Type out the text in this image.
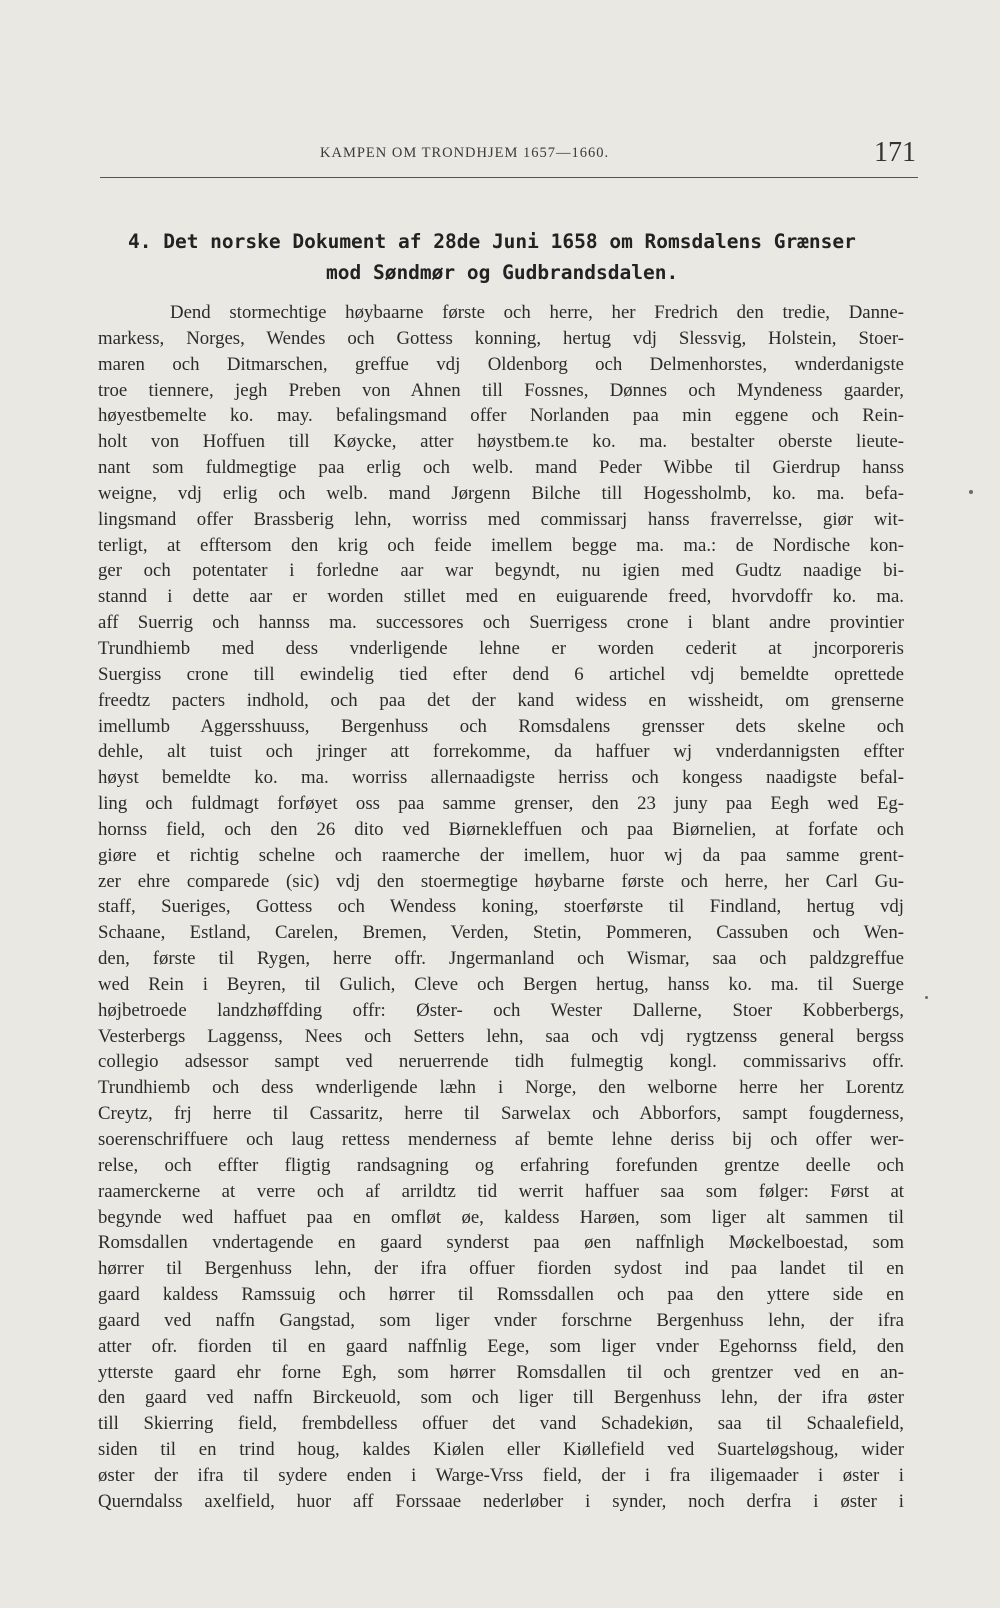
KAMPEN OM TRONDHJEM 1657—1660.	171
4. Det norske Dokument af 28de Juni 1658 om Romsdalens Grænser
mod Søndmør og Gudbrandsdalen.
Dend stormechtige høybaarne første och herre, her Fredrich den tredie, Danne-
markess, Norges, Wendes och Gottess konning, hertug vdj Slessvig, Holstein, Stoer-
maren och Ditmarschen, greffue vdj Oldenborg och Delmenhorstes, wnderdanigste
troe tiennere, jegh Preben von Ahnen till Fossnes, Dønnes och Myndeness gaarder,
høyestbemelte ko. may. befalingsmand offer Norlanden paa min eggene och Rein-
holt von Hoffuen till Køycke, atter høystbem.te ko. ma. bestalter oberste lieute-
nant som fuldmegtige paa erlig och welb. mand Peder Wibbe til Gierdrup hanss
weigne, vdj erlig och welb. mand Jørgenn Bilche till Hogessholmb, ko. ma. befa-
lingsmand offer Brassberig lehn, worriss med commissarj hanss fraverrelsse, giør wit-
terligt, at efftersom den krig och feide imellem begge ma. ma.: de Nordische kon-
ger och potentater i forledne aar war begyndt, nu igien med Gudtz naadige bi-
stannd i dette aar er worden stillet med en euiguarende freed, hvorvdoffr ko. ma.
aff Suerrig och hannss ma. successores och Suerrigess crone i blant andre provintier
Trundhiemb med dess vnderligende lehne er worden cederit at jncorporeris
Suergiss crone till ewindelig tied efter dend 6 artichel vdj bemeldte oprettede
freedtz pacters indhold, och paa det der kand widess en wissheidt, om grenserne
imellumb Aggersshuuss, Bergenhuss och Romsdalens grensser dets skelne och
dehle, alt tuist och jringer att forrekomme, da haffuer wj vnderdannigsten effter
høyst bemeldte ko. ma. worriss allernaadigste herriss och kongess naadigste befal-
ling och fuldmagt forføyet oss paa samme grenser, den 23 juny paa Eegh wed Eg-
hornss field, och den 26 dito ved Biørnekleffuen och paa Biørnelien, at forfate och
giøre et richtig schelne och raamerche der imellem, huor wj da paa samme grent-
zer ehre comparede (sic) vdj den stoermegtige høybarne første och herre, her Carl Gu-
staff, Sueriges, Gottess och Wendess koning, stoerførste til Findland, hertug vdj
Schaane, Estland, Carelen, Bremen, Verden, Stetin, Pommeren, Cassuben och Wen-
den, første til Rygen, herre offr. Jngermanland och Wismar, saa och paldzgreffue
wed Rein i Beyren, til Gulich, Cleve och Bergen hertug, hanss ko. ma. til Suerge
højbetroede landzhøffding offr: Øster- och Wester Dallerne, Stoer Kobberbergs,
Vesterbergs Laggenss, Nees och Setters lehn, saa och vdj rygtzenss general bergss
collegio adsessor sampt ved neruerrende tidh fulmegtig kongl. commissarivs offr.
Trundhiemb och dess wnderligende læhn i Norge, den welborne herre her Lorentz
Creytz, frj herre til Cassaritz, herre til Sarwelax och Abborfors, sampt fougderness,
soerenschriffuere och laug rettess menderness af bemte lehne deriss bij och offer wer-
relse, och effter fligtig randsagning og erfahring forefunden grentze deelle och
raamerckerne at verre och af arrildtz tid werrit haffuer saa som følger: Først at
begynde wed haffuet paa en omfløt øe, kaldess Harøen, som liger alt sammen til
Romsdallen vndertagende en gaard synderst paa øen naffnligh Møckelboestad, som
hørrer til Bergenhuss lehn, der ifra offuer fiorden sydost ind paa landet til en
gaard kaldess Ramssuig och hørrer til Romssdallen och paa den yttere side en
gaard ved naffn Gangstad, som liger vnder forschrne Bergenhuss lehn, der ifra
atter ofr. fiorden til en gaard naffnlig Eege, som liger vnder Egehornss field, den
ytterste gaard ehr forne Egh, som hørrer Romsdallen til och grentzer ved en an-
den gaard ved naffn Birckeuold, som och liger till Bergenhuss lehn, der ifra øster
till Skierring field, frembdelless offuer det vand Schadekiøn, saa til Schaalefield,
siden til en trind houg, kaldes Kiølen eller Kiøllefield ved Suarteløgshoug, wider
øster der ifra til sydere enden i Warge-Vrss field, der i fra iligemaader i øster i
Querndalss axelfield, huor aff Forssaae nederløber i synder, noch derfra i øster i
